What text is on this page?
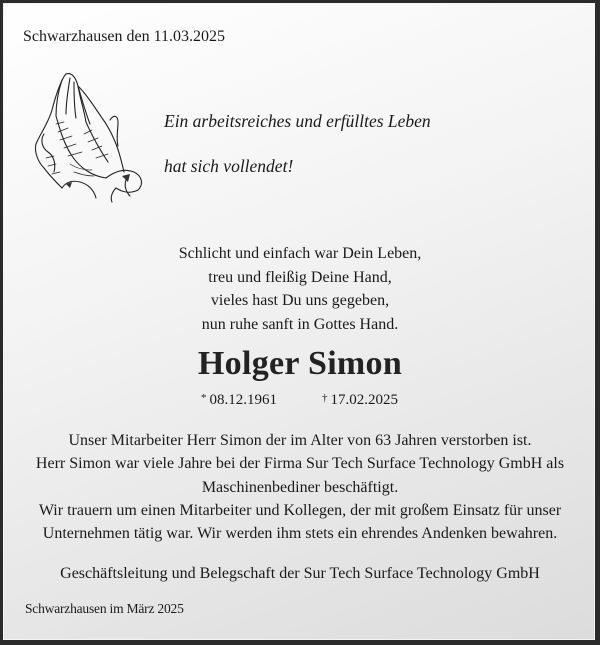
Schwarzhausen den 11.03.2025
Ein arbeitsreiches und erfülltes Leben
hat sich vollendet!
Schlicht und einfach war Dein Leben,
treu und fleißig Deine Hand,
vieles hast Du uns gegeben,
nun ruhe sanft in Gottes Hand.
Holger Simon
* 08.12.1961	† 17.02.2025
Unser Mitarbeiter Herr Simon der im Alter von 63 Jahren verstorben ist.
Herr Simon war viele Jahre bei der Firma Sur Tech Surface Technology GmbH als
Maschinenbediner beschäftigt.
Wir trauern um einen Mitarbeiter und Kollegen, der mit großem Einsatz für unser
Unternehmen tätig war. Wir werden ihm stets ein ehrendes Andenken bewahren.
Geschäftsleitung und Belegschaft der Sur Tech Surface Technology GmbH
Schwarzhausen im März 2025
